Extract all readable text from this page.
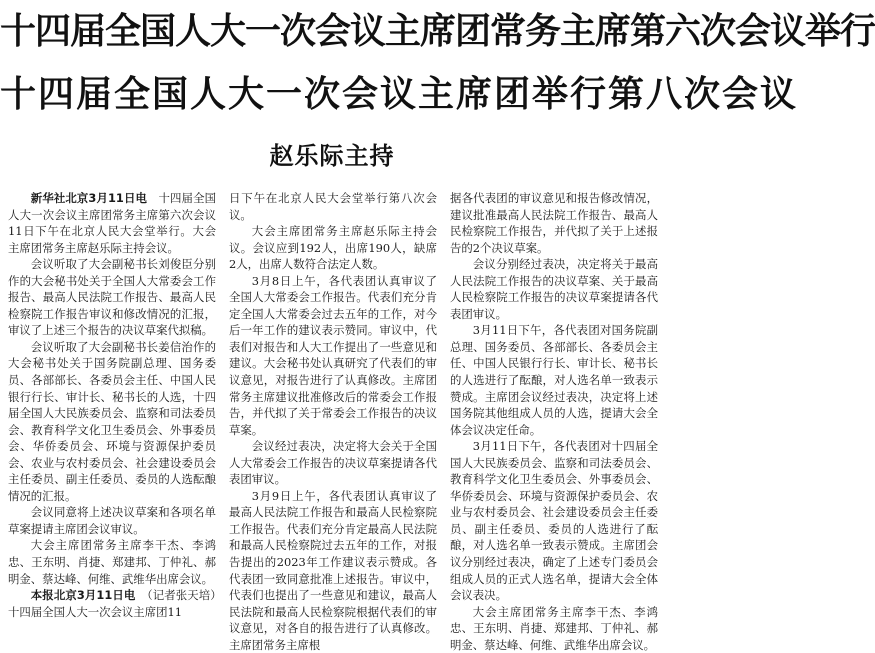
十四届全国人大一次会议主席团常务主席第六次会议举行
十四届全国人大一次会议主席团举行第八次会议
赵乐际主持

新华社北京3月11日电　十四届全国人大一次会议主席团常务主席第六次会议11日下午在北京人民大会堂举行。大会主席团常务主席赵乐际主持会议。

会议听取了大会副秘书长刘俊臣分别作的大会秘书处关于全国人大常委会工作报告、最高人民法院工作报告、最高人民检察院工作报告审议和修改情况的汇报，审议了上述三个报告的决议草案代拟稿。

会议听取了大会副秘书长姜信治作的大会秘书处关于国务院副总理、国务委员、各部部长、各委员会主任、中国人民银行行长、审计长、秘书长的人选，十四届全国人大民族委员会、监察和司法委员会、教育科学文化卫生委员会、外事委员会、华侨委员会、环境与资源保护委员会、农业与农村委员会、社会建设委员会主任委员、副主任委员、委员的人选酝酿情况的汇报。

会议同意将上述决议草案和各项名单草案提请主席团会议审议。

大会主席团常务主席李干杰、李鸿忠、王东明、肖捷、郑建邦、丁仲礼、郝明金、蔡达峰、何维、武维华出席会议。

本报北京3月11日电　（记者张天培）十四届全国人大一次会议主席团11

日下午在北京人民大会堂举行第八次会议。

大会主席团常务主席赵乐际主持会议。会议应到192人，出席190人，缺席2人，出席人数符合法定人数。

3月8日上午，各代表团认真审议了全国人大常委会工作报告。代表们充分肯定全国人大常委会过去五年的工作，对今后一年工作的建议表示赞同。审议中，代表们对报告和人大工作提出了一些意见和建议。大会秘书处认真研究了代表们的审议意见，对报告进行了认真修改。主席团常务主席建议批准修改后的常委会工作报告，并代拟了关于常委会工作报告的决议草案。

会议经过表决，决定将大会关于全国人大常委会工作报告的决议草案提请各代表团审议。

3月9日上午，各代表团认真审议了最高人民法院工作报告和最高人民检察院工作报告。代表们充分肯定最高人民法院和最高人民检察院过去五年的工作，对报告提出的2023年工作建议表示赞成。各代表团一致同意批准上述报告。审议中，代表们也提出了一些意见和建议，最高人民法院和最高人民检察院根据代表们的审议意见，对各自的报告进行了认真修改。主席团常务主席根

据各代表团的审议意见和报告修改情况，建议批准最高人民法院工作报告、最高人民检察院工作报告，并代拟了关于上述报告的2个决议草案。

会议分别经过表决，决定将关于最高人民法院工作报告的决议草案、关于最高人民检察院工作报告的决议草案提请各代表团审议。

3月11日下午，各代表团对国务院副总理、国务委员、各部部长、各委员会主任、中国人民银行行长、审计长、秘书长的人选进行了酝酿，对人选名单一致表示赞成。主席团会议经过表决，决定将上述国务院其他组成人员的人选，提请大会全体会议决定任命。

3月11日下午，各代表团对十四届全国人大民族委员会、监察和司法委员会、教育科学文化卫生委员会、外事委员会、华侨委员会、环境与资源保护委员会、农业与农村委员会、社会建设委员会主任委员、副主任委员、委员的人选进行了酝酿，对人选名单一致表示赞成。主席团会议分别经过表决，确定了上述专门委员会组成人员的正式人选名单，提请大会全体会议表决。

大会主席团常务主席李干杰、李鸿忠、王东明、肖捷、郑建邦、丁仲礼、郝明金、蔡达峰、何维、武维华出席会议。
